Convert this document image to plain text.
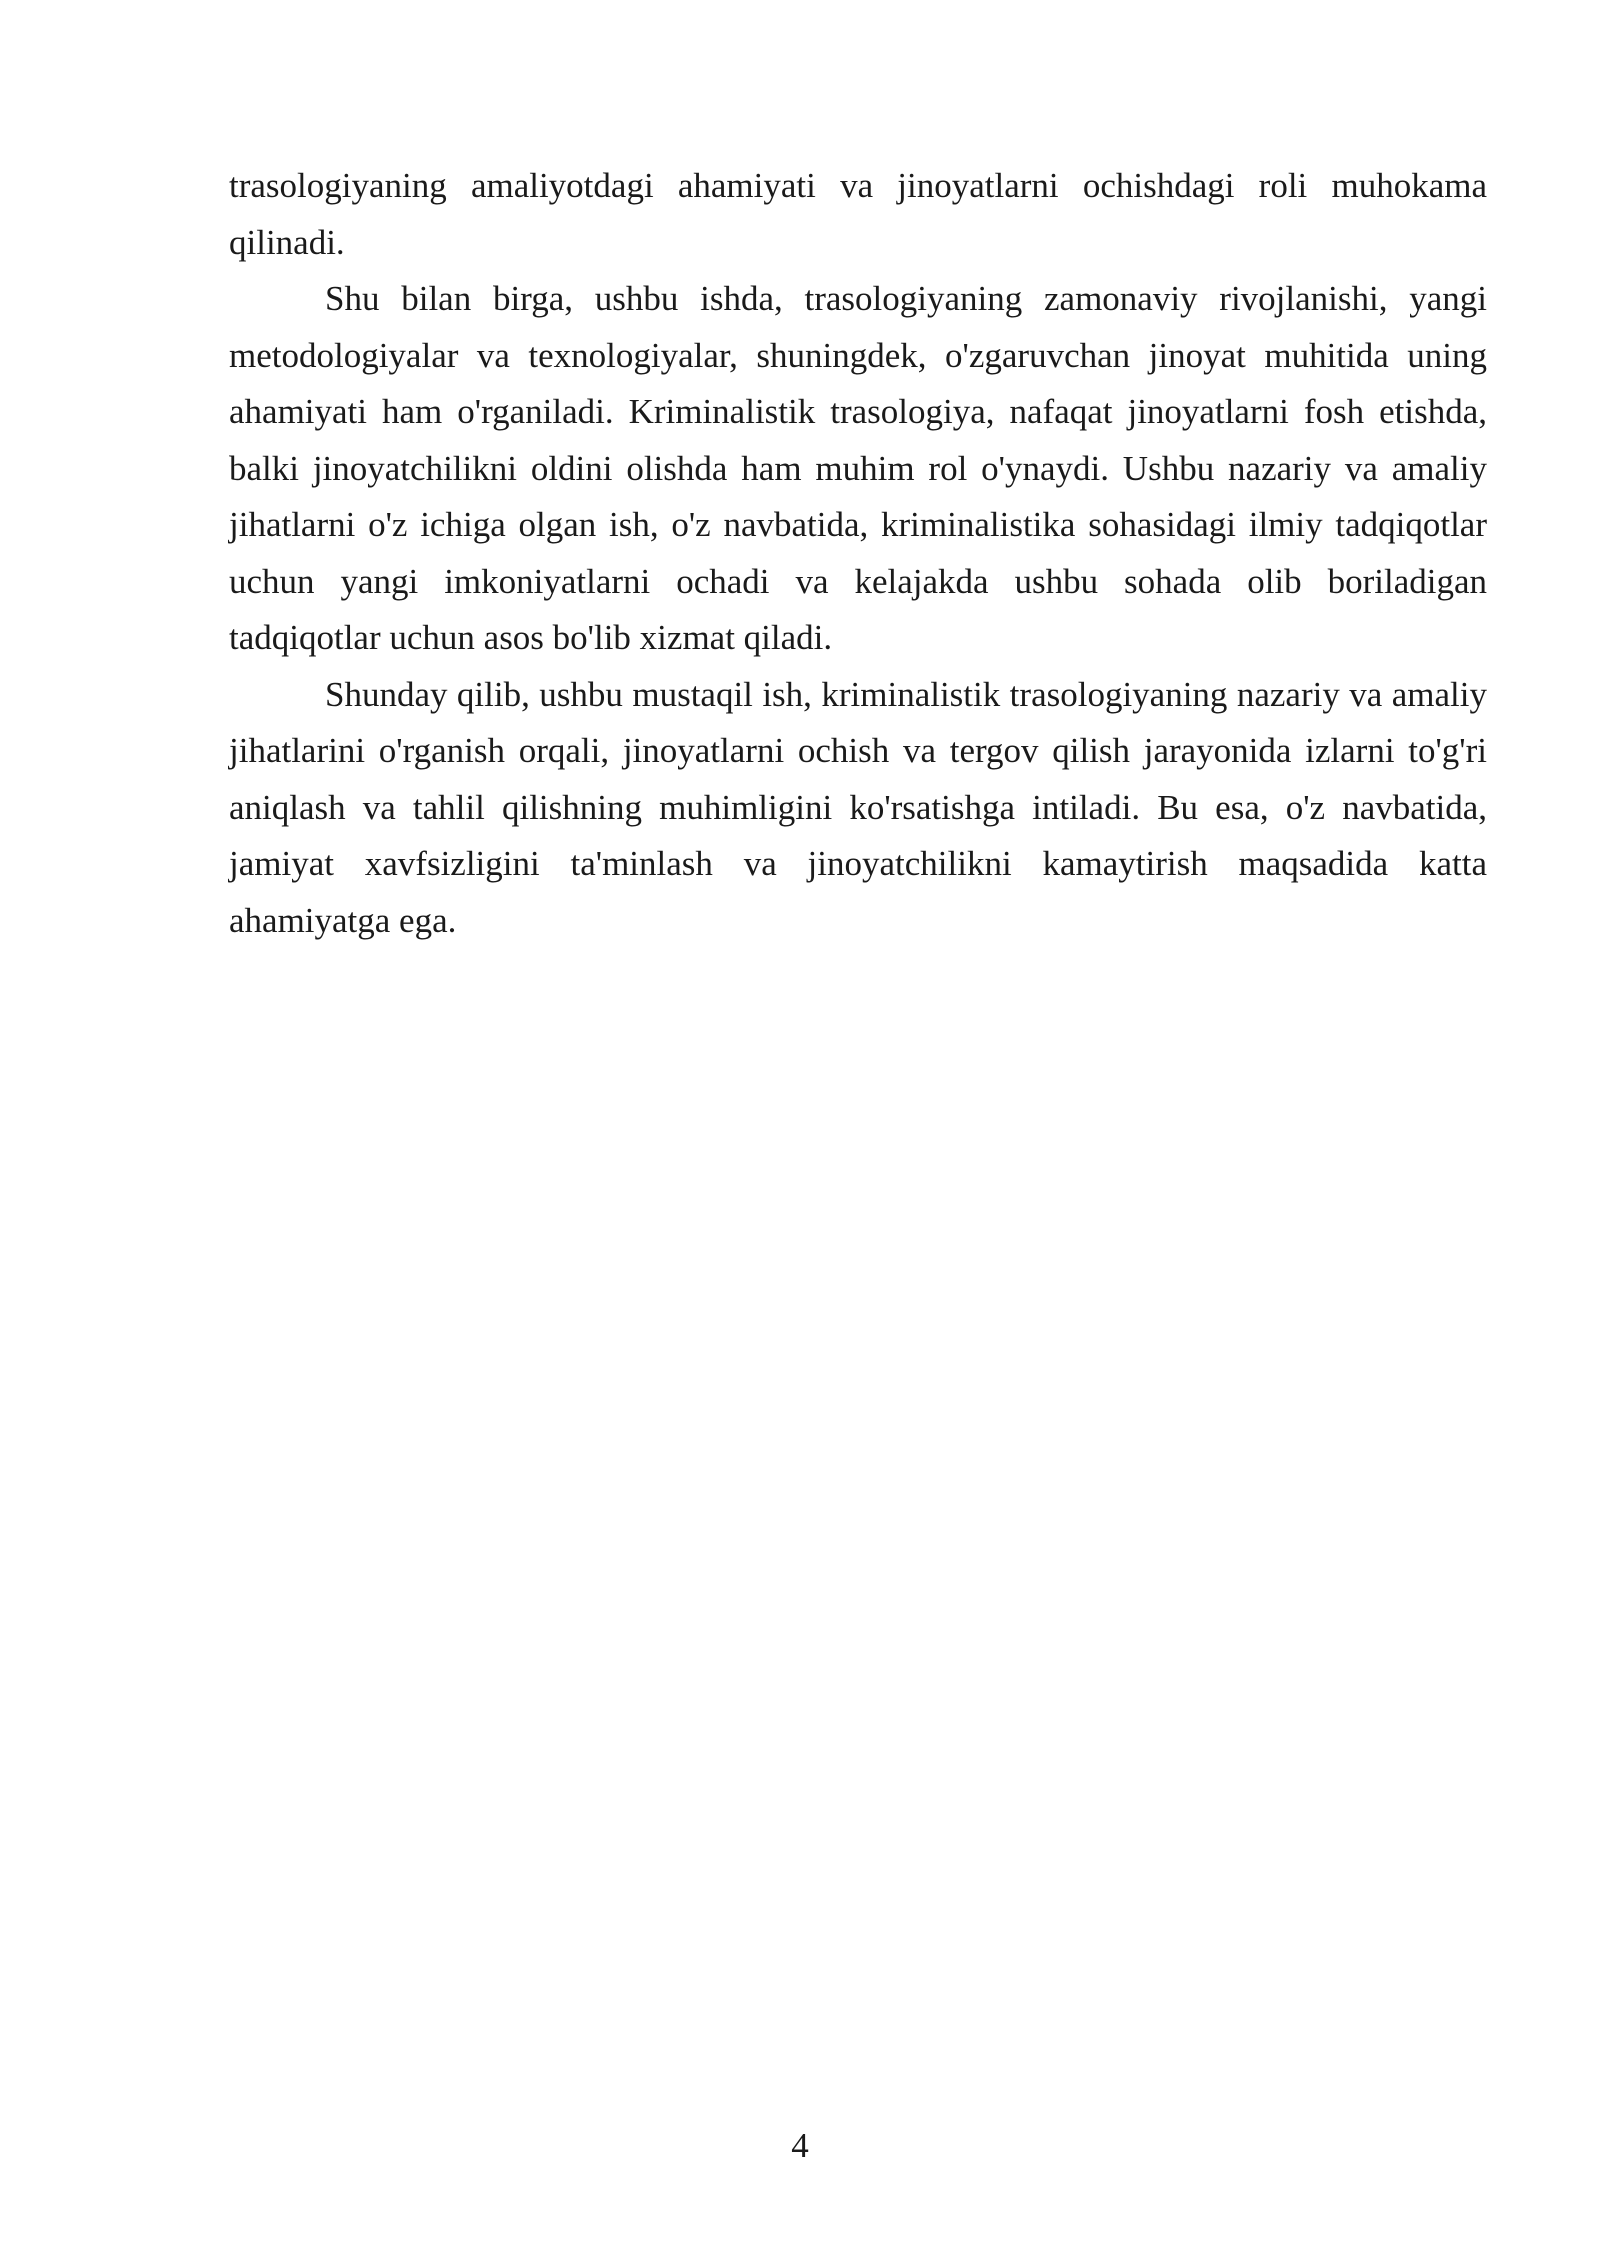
trasologiyaning amaliyotdagi ahamiyati va jinoyatlarni ochishdagi roli muhokama qilinadi.

Shu bilan birga, ushbu ishda, trasologiyaning zamonaviy rivojlanishi, yangi metodologiyalar va texnologiyalar, shuningdek, o'zgaruvchan jinoyat muhitida uning ahamiyati ham o'rganiladi. Kriminalistik trasologiya, nafaqat jinoyatlarni fosh etishda, balki jinoyatchilikni oldini olishda ham muhim rol o'ynaydi. Ushbu nazariy va amaliy jihatlarni o'z ichiga olgan ish, o'z navbatida, kriminalistika sohasidagi ilmiy tadqiqotlar uchun yangi imkoniyatlarni ochadi va kelajakda ushbu sohada olib boriladigan tadqiqotlar uchun asos bo'lib xizmat qiladi.

Shunday qilib, ushbu mustaqil ish, kriminalistik trasologiyaning nazariy va amaliy jihatlarini o'rganish orqali, jinoyatlarni ochish va tergov qilish jarayonida izlarni to'g'ri aniqlash va tahlil qilishning muhimligini ko'rsatishga intiladi. Bu esa, o'z navbatida, jamiyat xavfsizligini ta'minlash va jinoyatchilikni kamaytirish maqsadida katta ahamiyatga ega.

4
